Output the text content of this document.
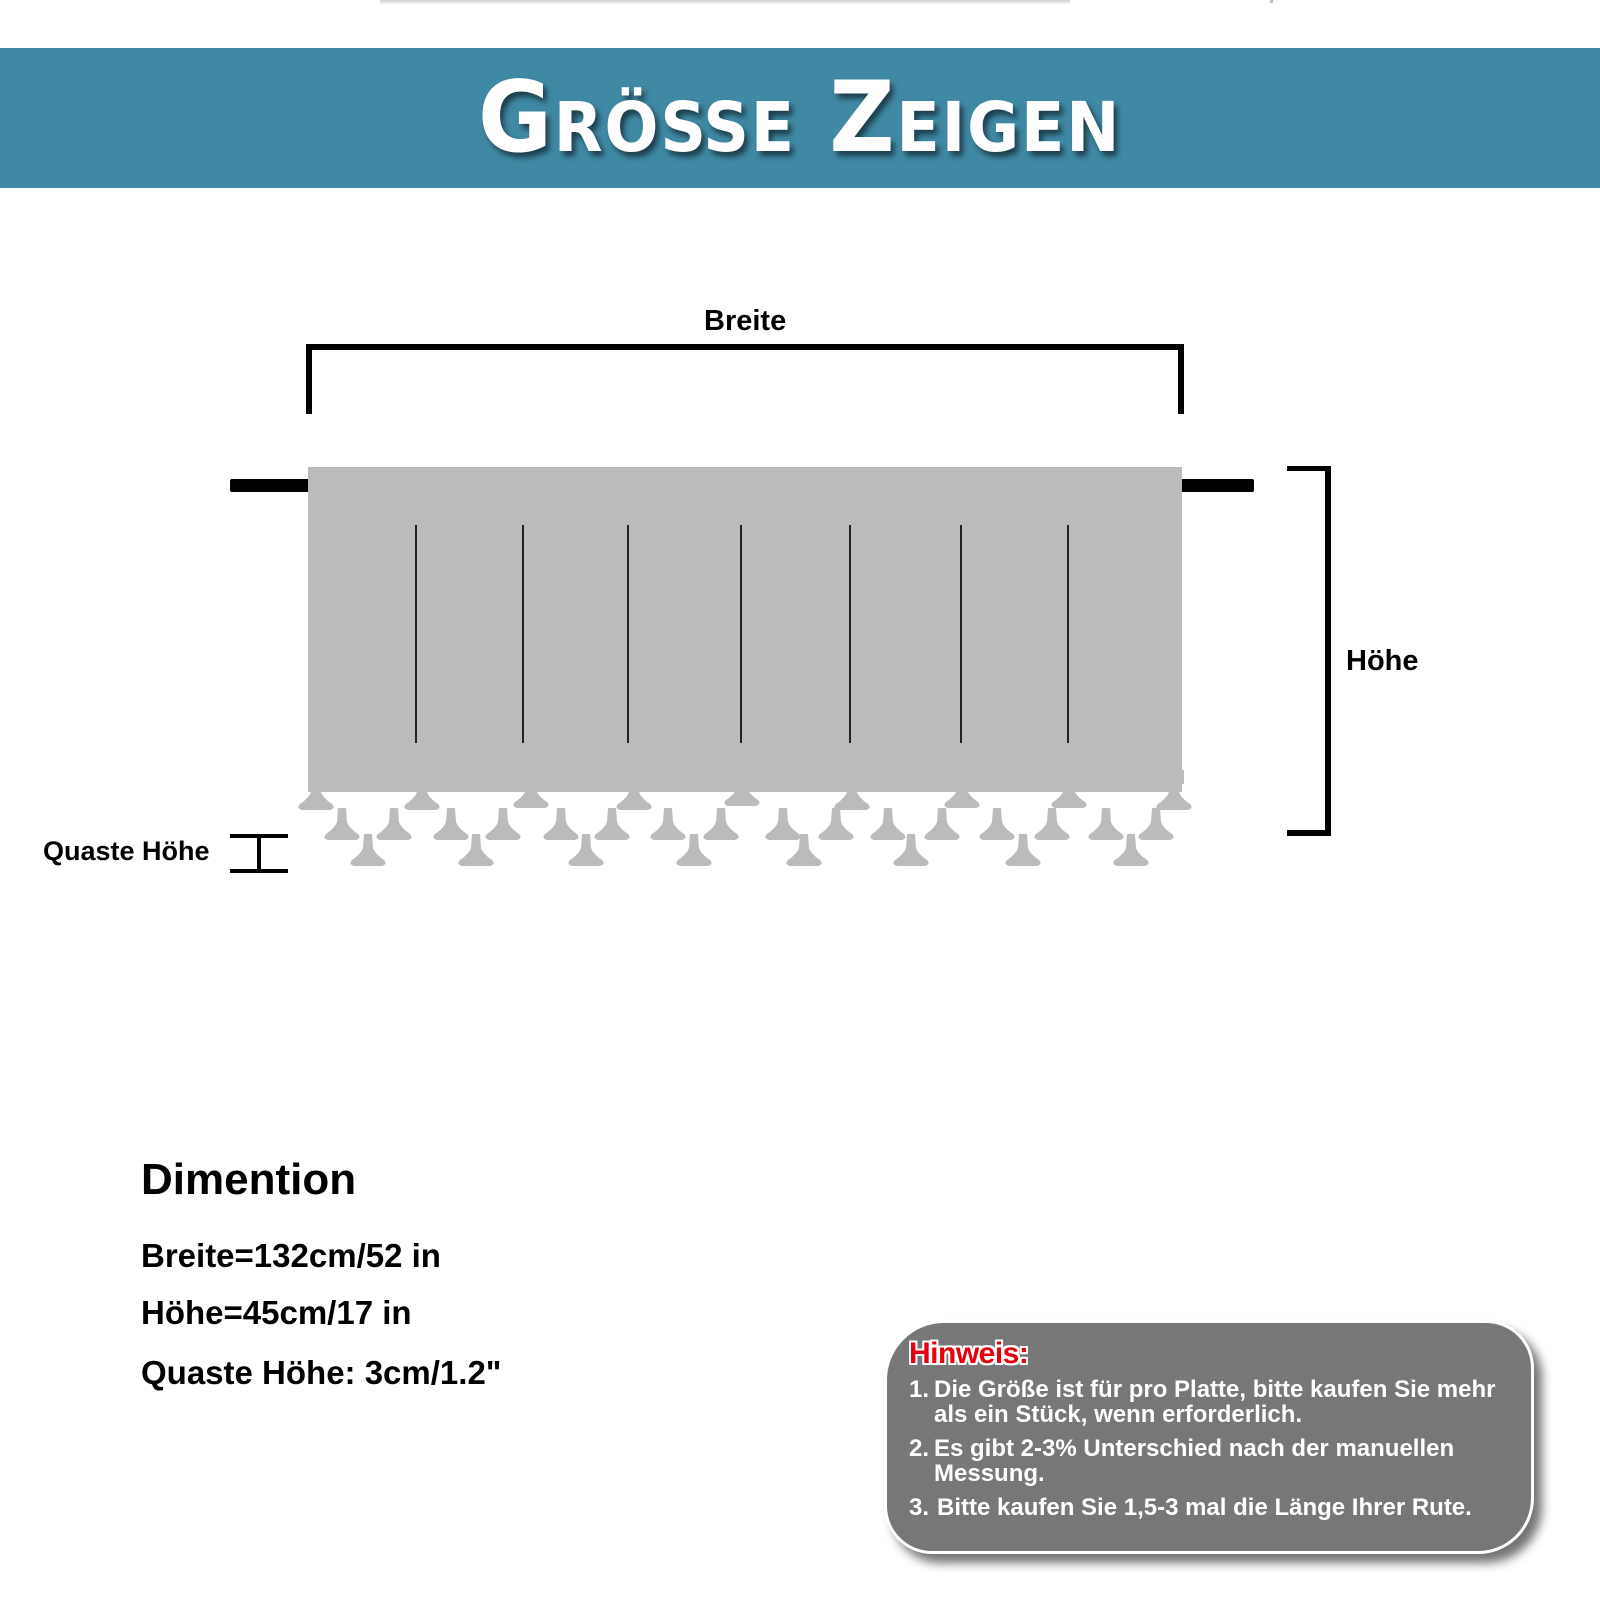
Größe Zeigen
Breite
Höhe
Quaste Höhe
Dimention
Breite=132cm/52 in
Höhe=45cm/17 in
Quaste Höhe: 3cm/1.2"
Hinweis:
1. Die Größe ist für pro Platte, bitte kaufen Sie mehr als ein Stück, wenn erforderlich.
2. Es gibt 2-3% Unterschied nach der manuellen Messung.
3. Bitte kaufen Sie 1,5-3 mal die Länge Ihrer Rute.
